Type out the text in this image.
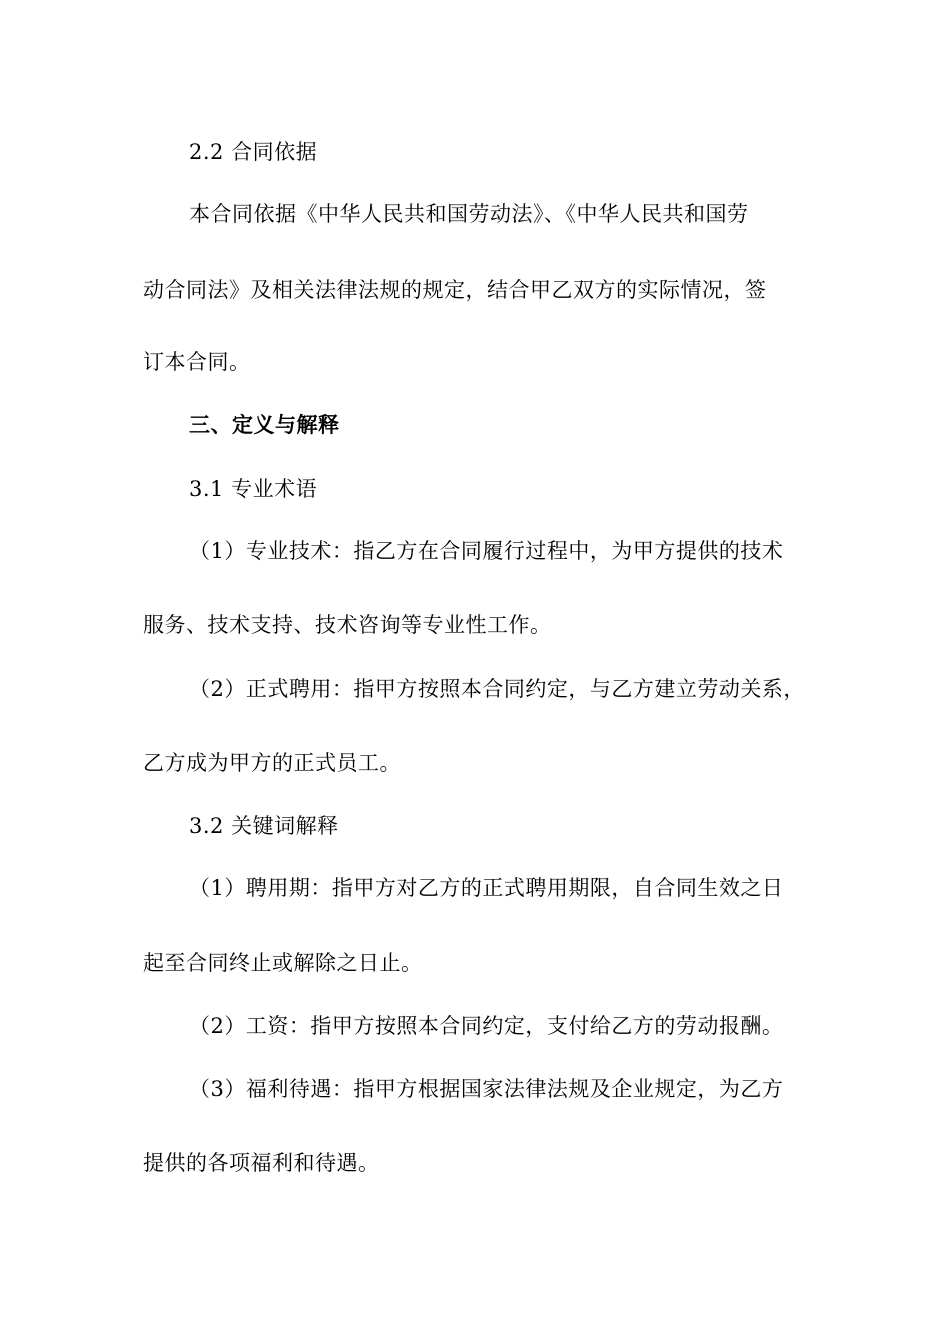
2.2 合同依据
本合同依据《中华人民共和国劳动法》、《中华人民共和国劳
动合同法》及相关法律法规的规定，结合甲乙双方的实际情况，签
订本合同。
三、定义与解释
3.1 专业术语
（1）专业技术：指乙方在合同履行过程中，为甲方提供的技术
服务、技术支持、技术咨询等专业性工作。
（2）正式聘用：指甲方按照本合同约定，与乙方建立劳动关系，
乙方成为甲方的正式员工。
3.2 关键词解释
（1）聘用期：指甲方对乙方的正式聘用期限，自合同生效之日
起至合同终止或解除之日止。
（2）工资：指甲方按照本合同约定，支付给乙方的劳动报酬。
（3）福利待遇：指甲方根据国家法律法规及企业规定，为乙方
提供的各项福利和待遇。
